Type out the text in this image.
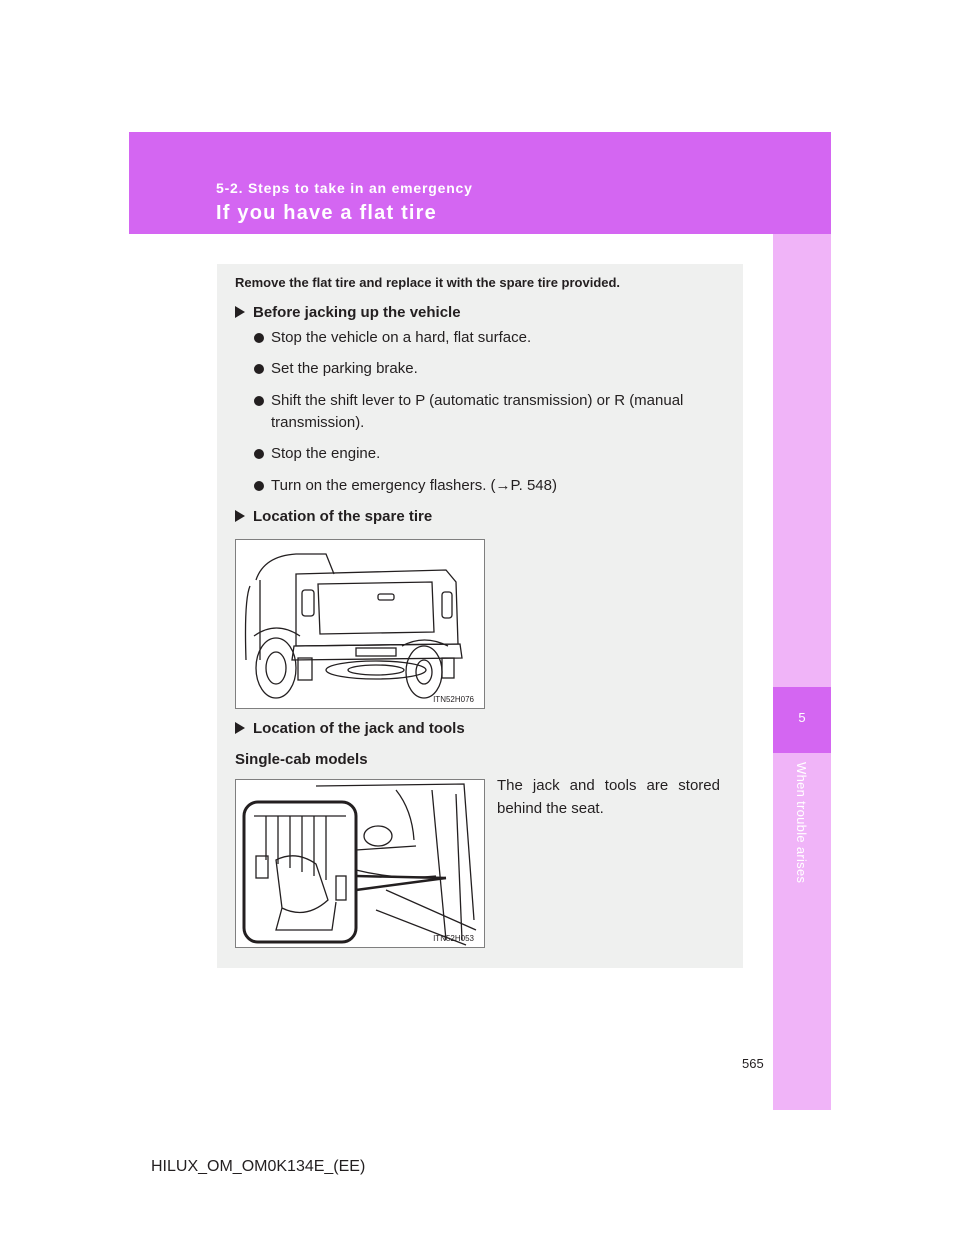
5-2. Steps to take in an emergency
If you have a flat tire
5
When trouble arises
Remove the flat tire and replace it with the spare tire provided.
Before jacking up the vehicle
Stop the vehicle on a hard, flat surface.
Set the parking brake.
Shift the shift lever to P (automatic transmission) or R (manual transmission).
Stop the engine.
Turn on the emergency flashers. (→P. 548)
Location of the spare tire
ITN52H076
Location of the jack and tools
Single-cab models
ITN52H053
The jack and tools are stored behind the seat.
565
HILUX_OM_OM0K134E_(EE)
